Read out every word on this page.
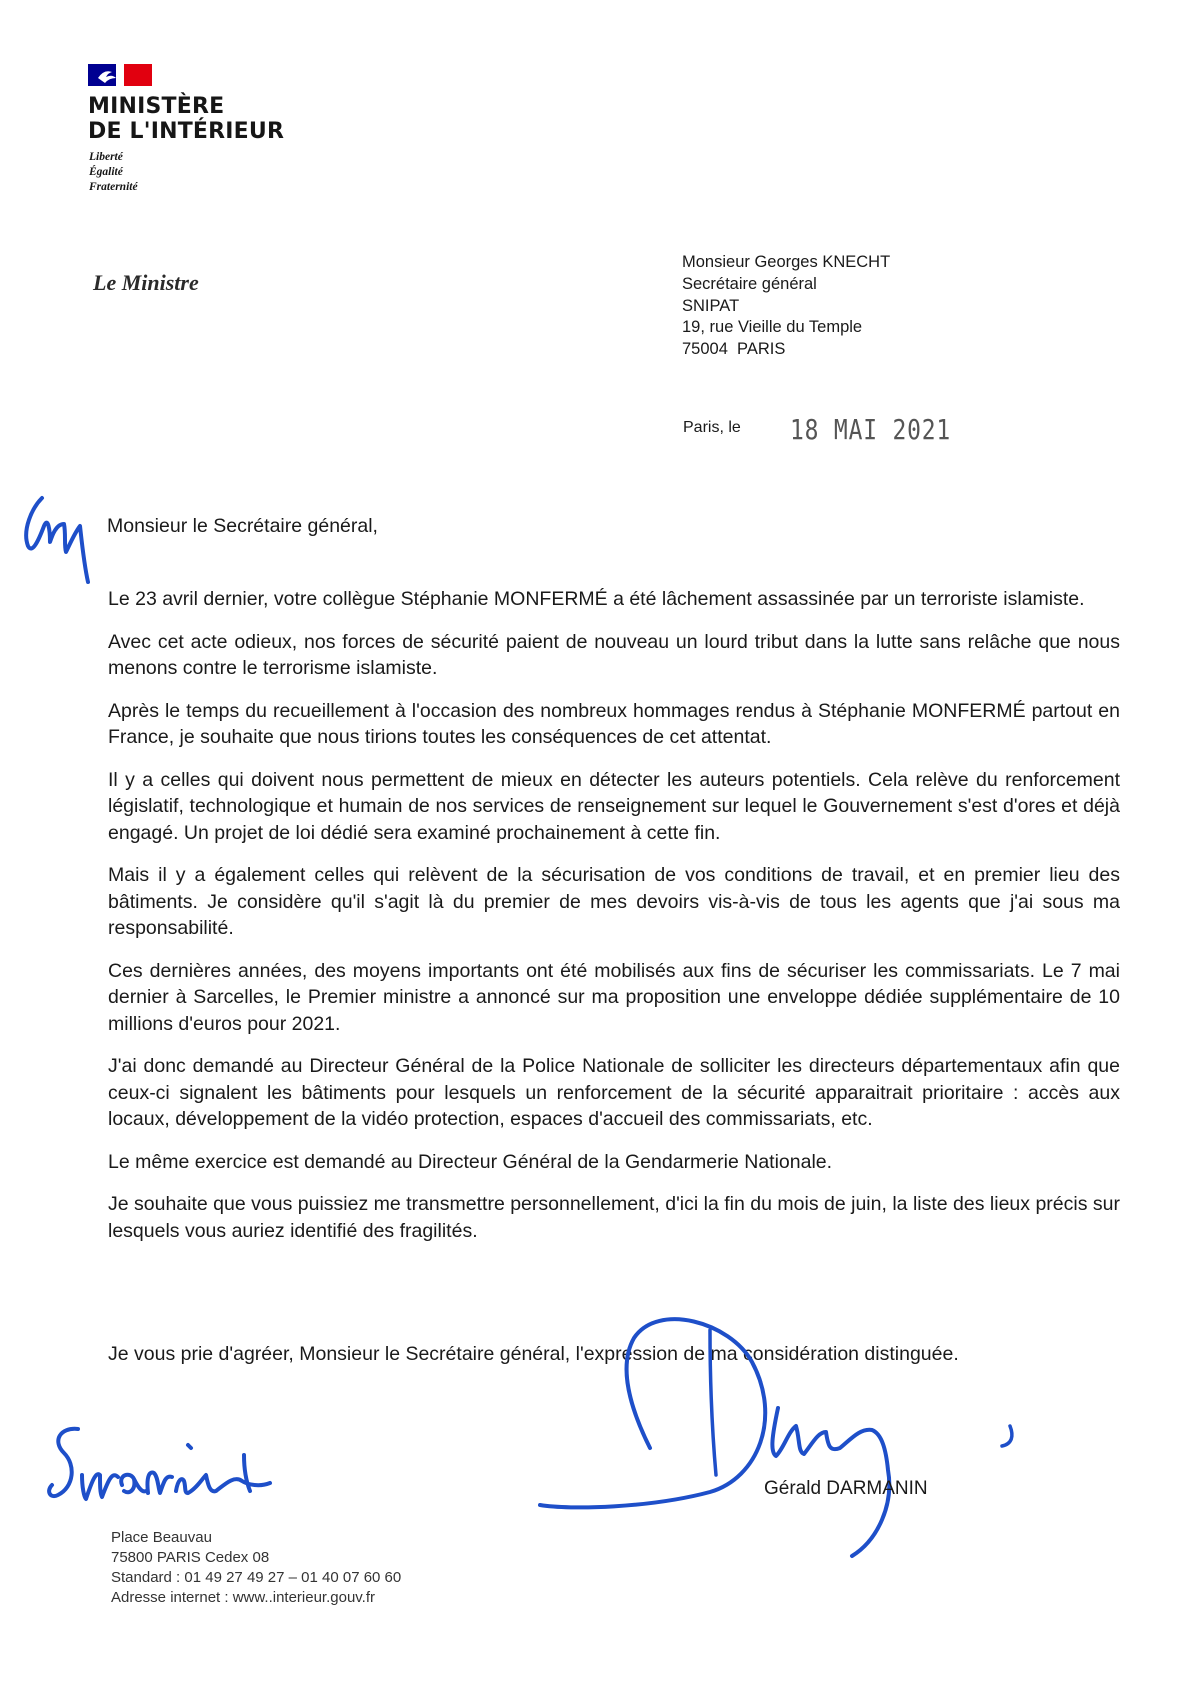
MINISTÈRE
DE L'INTÉRIEUR
Liberté
Égalité
Fraternité
Le Ministre
Monsieur Georges KNECHT
Secrétaire général
SNIPAT
19, rue Vieille du Temple
75004  PARIS
Paris, le 18 MAI 2021
Monsieur le Secrétaire général,

Le 23 avril dernier, votre collègue Stéphanie MONFERMÉ a été lâchement assassinée par un terroriste islamiste.

Avec cet acte odieux, nos forces de sécurité paient de nouveau un lourd tribut dans la lutte sans relâche que nous menons contre le terrorisme islamiste.

Après le temps du recueillement à l'occasion des nombreux hommages rendus à Stéphanie MONFERMÉ partout en France, je souhaite que nous tirions toutes les conséquences de cet attentat.

Il y a celles qui doivent nous permettent de mieux en détecter les auteurs potentiels. Cela relève du renforcement législatif, technologique et humain de nos services de renseignement sur lequel le Gouvernement s'est d'ores et déjà engagé. Un projet de loi dédié sera examiné prochainement à cette fin.

Mais il y a également celles qui relèvent de la sécurisation de vos conditions de travail, et en premier lieu des bâtiments. Je considère qu'il s'agit là du premier de mes devoirs vis-à-vis de tous les agents que j'ai sous ma responsabilité.

Ces dernières années, des moyens importants ont été mobilisés aux fins de sécuriser les commissariats. Le 7 mai dernier à Sarcelles, le Premier ministre a annoncé sur ma proposition une enveloppe dédiée supplémentaire de 10 millions d'euros pour 2021.

J'ai donc demandé au Directeur Général de la Police Nationale de solliciter les directeurs départementaux afin que ceux-ci signalent les bâtiments pour lesquels un renforcement de la sécurité apparaitrait prioritaire : accès aux locaux, développement de la vidéo protection, espaces d'accueil des commissariats, etc.

Le même exercice est demandé au Directeur Général de la Gendarmerie Nationale.

Je souhaite que vous puissiez me transmettre personnellement, d'ici la fin du mois de juin, la liste des lieux précis sur lesquels vous auriez identifié des fragilités.

Je vous prie d'agréer, Monsieur le Secrétaire général, l'expression de ma considération distinguée.
Gérald DARMANIN
Place Beauvau
75800 PARIS Cedex 08
Standard : 01 49 27 49 27 – 01 40 07 60 60
Adresse internet : www..interieur.gouv.fr
